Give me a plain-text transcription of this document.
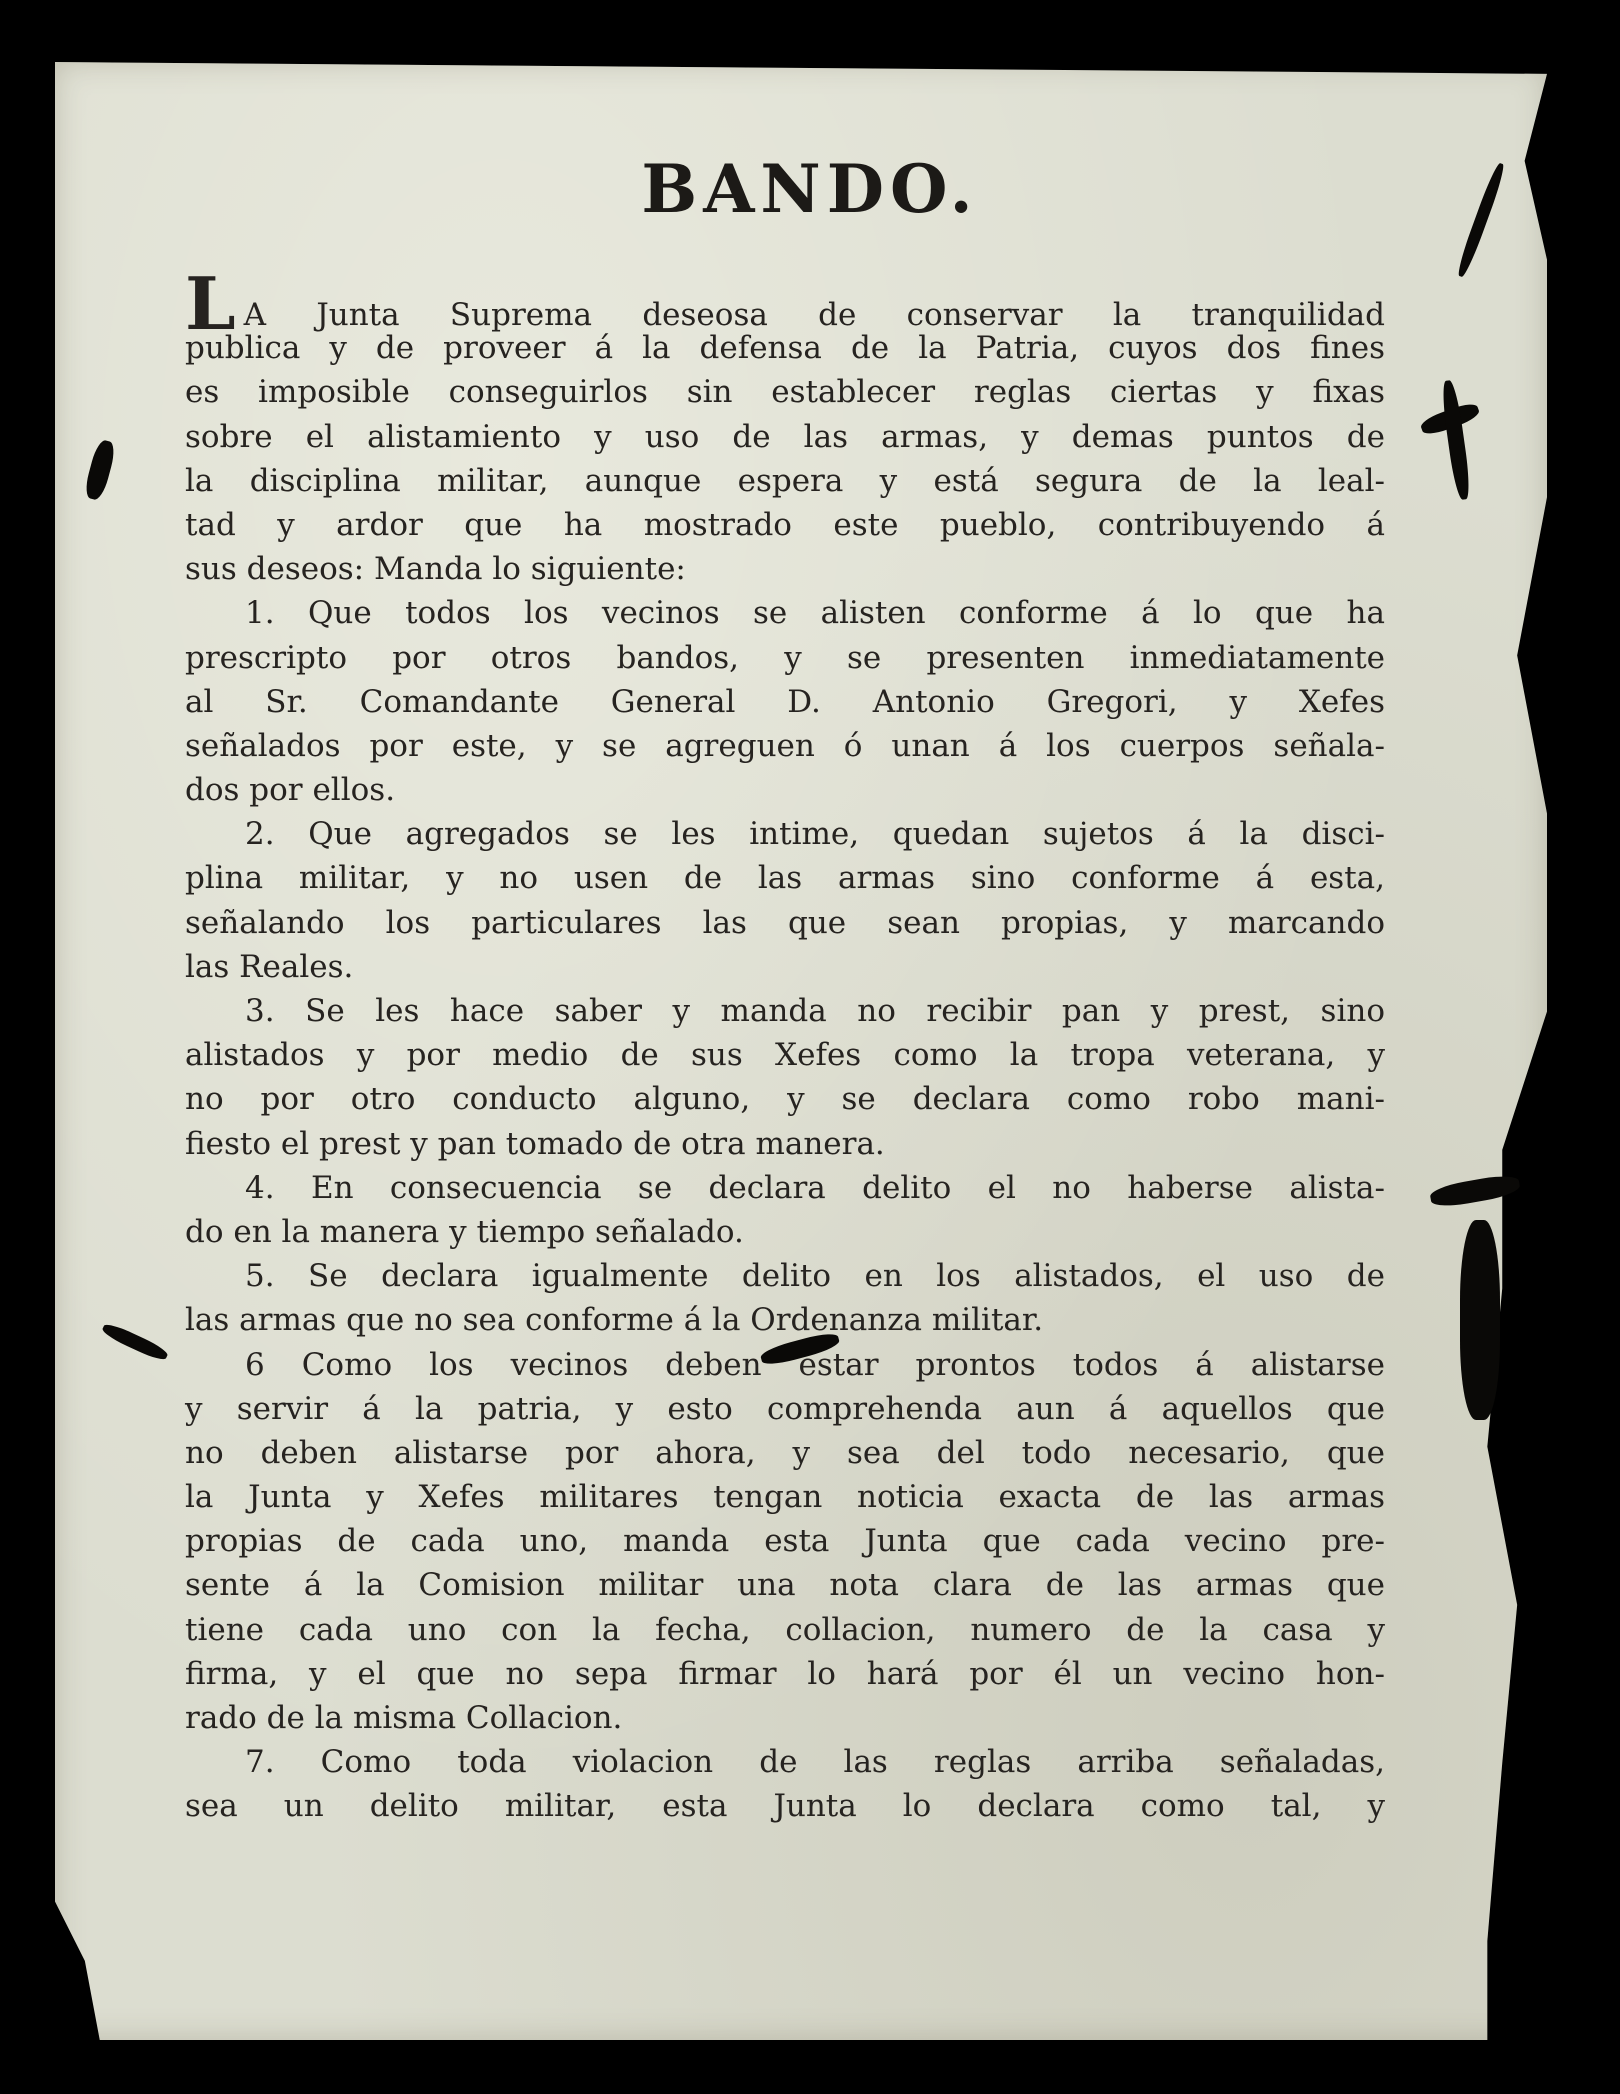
BANDO.
L A Junta Suprema deseosa de conservar la tranquilidad
publica y de proveer á la defensa de la Patria, cuyos dos fines
es imposible conseguirlos sin establecer reglas ciertas y fixas
sobre el alistamiento y uso de las armas, y demas puntos de
la disciplina militar, aunque espera y está segura de la leal-
tad y ardor que ha mostrado este pueblo, contribuyendo á
sus deseos: Manda lo siguiente:
1. Que todos los vecinos se alisten conforme á lo que ha
prescripto por otros bandos, y se presenten inmediatamente
al Sr. Comandante General D. Antonio Gregori, y Xefes
señalados por este, y se agreguen ó unan á los cuerpos señala-
dos por ellos.
2. Que agregados se les intime, quedan sujetos á la disci-
plina militar, y no usen de las armas sino conforme á esta,
señalando los particulares las que sean propias, y marcando
las Reales.
3. Se les hace saber y manda no recibir pan y prest, sino
alistados y por medio de sus Xefes como la tropa veterana, y
no por otro conducto alguno, y se declara como robo mani-
fiesto el prest y pan tomado de otra manera.
4. En consecuencia se declara delito el no haberse alista-
do en la manera y tiempo señalado.
5. Se declara igualmente delito en los alistados, el uso de
las armas que no sea conforme á la Ordenanza militar.
6 Como los vecinos deben estar prontos todos á alistarse
y servir á la patria, y esto comprehenda aun á aquellos que
no deben alistarse por ahora, y sea del todo necesario, que
la Junta y Xefes militares tengan noticia exacta de las armas
propias de cada uno, manda esta Junta que cada vecino pre-
sente á la Comision militar una nota clara de las armas que
tiene cada uno con la fecha, collacion, numero de la casa y
firma, y el que no sepa firmar lo hará por él un vecino hon-
rado de la misma Collacion.
7. Como toda violacion de las reglas arriba señaladas,
sea un delito militar, esta Junta lo declara como tal, y
